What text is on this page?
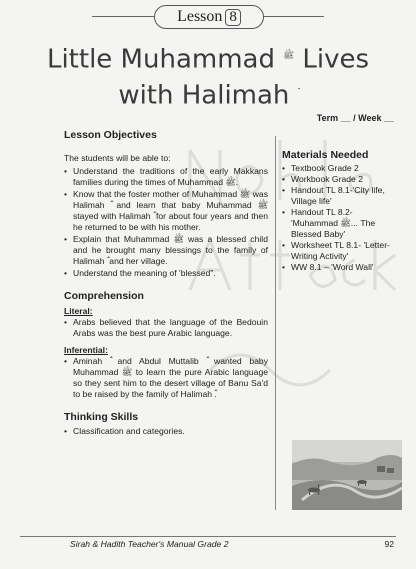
Lesson 8
Little Muhammad $^ﷺ$ Lives
with Halimah
Term __ / Week __
Lesson Objectives

The students will be able to:

• Understand the traditions of the early Makkans families during the times of Muhammad ﷺ.
• Know that the foster mother of Muhammad ﷺ was Halimah ؓ and learn that baby Muhammad ﷺ stayed with Halimah ؓ for about four years and then he returned to be with his mother.
• Explain that Muhammad ﷺ was a blessed child and he brought many blessings to the family of Halimah ؓ and her village.
• Understand the meaning of 'blessed".
Comprehension

Literal:

• Arabs believed that the language of the Bedouin Arabs was the best pure Arabic language.

Inferential:

• Aminah ؓ and Abdul Muttalib ؓ wanted baby Muhammad ﷺ to learn the pure Arabic language so they sent him to the desert village of Banu Sa'd to be raised by the family of Halimah ؓ.
Thinking Skills
• Classification and categories.
Materials Needed
• Textbook Grade 2
• Workbook Grade 2
• Handout TL 8.1-'City life, Village life'
• Handout TL 8.2- 'Muhammad ﷺ... The Blessed Baby'
• Worksheet TL 8.1- 'Letter-Writing Activity'
• WW 8.1 – 'Word Wall'
Sirah & Hadith Teacher's Manual Grade 2	92
